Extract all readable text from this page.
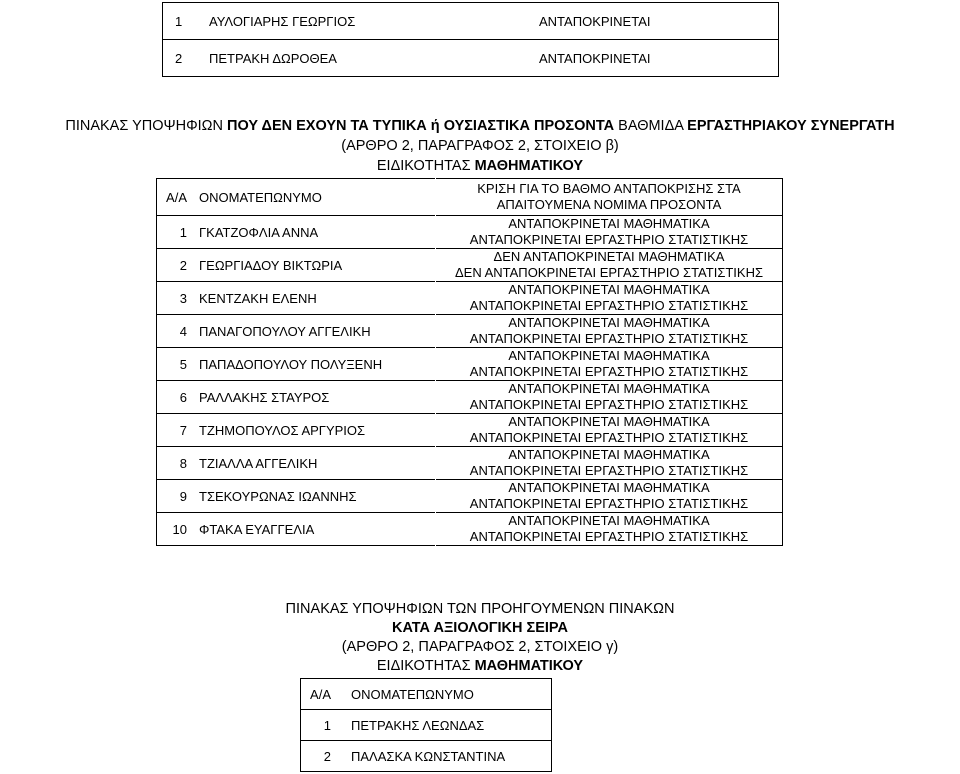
1	ΑΥΛΟΓΙΑΡΗΣ ΓΕΩΡΓΙΟΣ	ΑΝΤΑΠΟΚΡΙΝΕΤΑΙ
2	ΠΕΤΡΑΚΗ ΔΩΡΟΘΕΑ	ΑΝΤΑΠΟΚΡΙΝΕΤΑΙ
ΠΙΝΑΚΑΣ ΥΠΟΨΗΦΙΩΝ ΠΟΥ ΔΕΝ ΕΧΟΥΝ ΤΑ ΤΥΠΙΚΑ ή ΟΥΣΙΑΣΤΙΚΑ ΠΡΟΣΟΝΤΑ ΒΑΘΜΙΔΑ ΕΡΓΑΣΤΗΡΙΑΚΟΥ ΣΥΝΕΡΓΑΤΗ
(ΑΡΘΡΟ 2, ΠΑΡΑΓΡΑΦΟΣ 2, ΣΤΟΙΧΕΙΟ β)
ΕΙΔΙΚΟΤΗΤΑΣ ΜΑΘΗΜΑΤΙΚΟΥ
Α/Α	ΟΝΟΜΑΤΕΠΩΝΥΜΟ	ΚΡΙΣΗ ΓΙΑ ΤΟ ΒΑΘΜΟ ΑΝΤΑΠΟΚΡΙΣΗΣ ΣΤΑ
ΑΠΑΙΤΟΥΜΕΝΑ ΝΟΜΙΜΑ ΠΡΟΣΟΝΤΑ

1	ΓΚΑΤΖΟΦΛΙΑ ΑΝΝΑ	ΑΝΤΑΠΟΚΡΙΝΕΤΑΙ ΜΑΘΗΜΑΤΙΚΑ
ΑΝΤΑΠΟΚΡΙΝΕΤΑΙ ΕΡΓΑΣΤΗΡΙΟ ΣΤΑΤΙΣΤΙΚΗΣ

2	ΓΕΩΡΓΙΑΔΟΥ ΒΙΚΤΩΡΙΑ	ΔΕΝ ΑΝΤΑΠΟΚΡΙΝΕΤΑΙ ΜΑΘΗΜΑΤΙΚΑ
ΔΕΝ ΑΝΤΑΠΟΚΡΙΝΕΤΑΙ ΕΡΓΑΣΤΗΡΙΟ ΣΤΑΤΙΣΤΙΚΗΣ

3	ΚΕΝΤΖΑΚΗ ΕΛΕΝΗ	ΑΝΤΑΠΟΚΡΙΝΕΤΑΙ ΜΑΘΗΜΑΤΙΚΑ
ΑΝΤΑΠΟΚΡΙΝΕΤΑΙ ΕΡΓΑΣΤΗΡΙΟ ΣΤΑΤΙΣΤΙΚΗΣ

4	ΠΑΝΑΓΟΠΟΥΛΟΥ ΑΓΓΕΛΙΚΗ	ΑΝΤΑΠΟΚΡΙΝΕΤΑΙ ΜΑΘΗΜΑΤΙΚΑ
ΑΝΤΑΠΟΚΡΙΝΕΤΑΙ ΕΡΓΑΣΤΗΡΙΟ ΣΤΑΤΙΣΤΙΚΗΣ

5	ΠΑΠΑΔΟΠΟΥΛΟΥ ΠΟΛΥΞΕΝΗ	ΑΝΤΑΠΟΚΡΙΝΕΤΑΙ ΜΑΘΗΜΑΤΙΚΑ
ΑΝΤΑΠΟΚΡΙΝΕΤΑΙ ΕΡΓΑΣΤΗΡΙΟ ΣΤΑΤΙΣΤΙΚΗΣ

6	ΡΑΛΛΑΚΗΣ ΣΤΑΥΡΟΣ	ΑΝΤΑΠΟΚΡΙΝΕΤΑΙ ΜΑΘΗΜΑΤΙΚΑ
ΑΝΤΑΠΟΚΡΙΝΕΤΑΙ ΕΡΓΑΣΤΗΡΙΟ ΣΤΑΤΙΣΤΙΚΗΣ

7	ΤΖΗΜΟΠΟΥΛΟΣ ΑΡΓΥΡΙΟΣ	ΑΝΤΑΠΟΚΡΙΝΕΤΑΙ ΜΑΘΗΜΑΤΙΚΑ
ΑΝΤΑΠΟΚΡΙΝΕΤΑΙ ΕΡΓΑΣΤΗΡΙΟ ΣΤΑΤΙΣΤΙΚΗΣ

8	ΤΖΙΑΛΛΑ ΑΓΓΕΛΙΚΗ	ΑΝΤΑΠΟΚΡΙΝΕΤΑΙ ΜΑΘΗΜΑΤΙΚΑ
ΑΝΤΑΠΟΚΡΙΝΕΤΑΙ ΕΡΓΑΣΤΗΡΙΟ ΣΤΑΤΙΣΤΙΚΗΣ

9	ΤΣΕΚΟΥΡΩΝΑΣ ΙΩΑΝΝΗΣ	ΑΝΤΑΠΟΚΡΙΝΕΤΑΙ ΜΑΘΗΜΑΤΙΚΑ
ΑΝΤΑΠΟΚΡΙΝΕΤΑΙ ΕΡΓΑΣΤΗΡΙΟ ΣΤΑΤΙΣΤΙΚΗΣ

10	ΦΤΑΚΑ ΕΥΑΓΓΕΛΙΑ	ΑΝΤΑΠΟΚΡΙΝΕΤΑΙ ΜΑΘΗΜΑΤΙΚΑ
ΑΝΤΑΠΟΚΡΙΝΕΤΑΙ ΕΡΓΑΣΤΗΡΙΟ ΣΤΑΤΙΣΤΙΚΗΣ
ΠΙΝΑΚΑΣ ΥΠΟΨΗΦΙΩΝ ΤΩΝ ΠΡΟΗΓΟΥΜΕΝΩΝ ΠΙΝΑΚΩΝ
ΚΑΤΑ ΑΞΙΟΛΟΓΙΚΗ ΣΕΙΡΑ
(ΑΡΘΡΟ 2, ΠΑΡΑΓΡΑΦΟΣ 2, ΣΤΟΙΧΕΙΟ γ)
ΕΙΔΙΚΟΤΗΤΑΣ ΜΑΘΗΜΑΤΙΚΟΥ
Α/Α	ΟΝΟΜΑΤΕΠΩΝΥΜΟ
1	ΠΕΤΡΑΚΗΣ ΛΕΩΝΔΑΣ
2	ΠΑΛΑΣΚΑ ΚΩΝΣΤΑΝΤΙΝΑ
